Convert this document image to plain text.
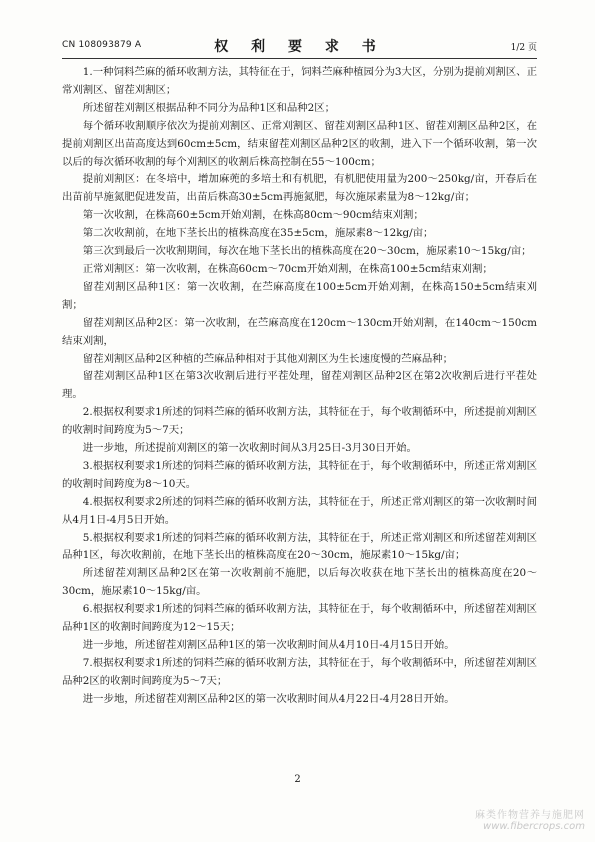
CN 108093879 A	权 利 要 求 书	1/2 页

1.一种饲料苎麻的循环收割方法，其特征在于，饲料苎麻种植园分为3大区，分别为提前刈割区、正常刈割区、留茬刈割区；

所述留茬刈割区根据品种不同分为品种1区和品种2区；

每个循环收割顺序依次为提前刈割区、正常刈割区、留茬刈割区品种1区、留茬刈割区品种2区，在提前刈割区出苗高度达到60cm±5cm，结束留茬刈割区品种2区的收割，进入下一个循环收割，第一次以后的每次循环收割的每个刈割区的收割后株高控制在55～100cm；

提前刈割区：在冬培中，增加麻蔸的多培土和有机肥，有机肥使用量为200～250kg/亩，开春后在出苗前早施氮肥促进发苗，出苗后株高30±5cm再施氮肥，每次施尿素量为8～12kg/亩；

第一次收割，在株高60±5cm开始刈割，在株高80cm～90cm结束刈割；

第二次收割前，在地下茎长出的植株高度在35±5cm，施尿素8～12kg/亩；

第三次到最后一次收割期间，每次在地下茎长出的植株高度在20～30cm，施尿素10～15kg/亩；

正常刈割区：第一次收割，在株高60cm～70cm开始刈割，在株高100±5cm结束刈割；

留茬刈割区品种1区：第一次收割，在苎麻高度在100±5cm开始刈割，在株高150±5cm结束刈割；

留茬刈割区品种2区：第一次收割，在苎麻高度在120cm～130cm开始刈割，在140cm～150cm结束刈割，

留茬刈割区品种2区种植的苎麻品种相对于其他刈割区为生长速度慢的苎麻品种；

留茬刈割区品种1区在第3次收割后进行平茬处理，留茬刈割区品种2区在第2次收割后进行平茬处理。

2.根据权利要求1所述的饲料苎麻的循环收割方法，其特征在于，每个收割循环中，所述提前刈割区的收割时间跨度为5～7天；

进一步地，所述提前刈割区的第一次收割时间从3月25日-3月30日开始。

3.根据权利要求1所述的饲料苎麻的循环收割方法，其特征在于，每个收割循环中，所述正常刈割区的收割时间跨度为8～10天。

4.根据权利要求2所述的饲料苎麻的循环收割方法，其特征在于，所述正常刈割区的第一次收割时间从4月1日-4月5日开始。

5.根据权利要求1所述的饲料苎麻的循环收割方法，其特征在于，所述正常刈割区和所述留茬刈割区品种1区，每次收割前，在地下茎长出的植株高度在20～30cm，施尿素10～15kg/亩；

所述留茬刈割区品种2区在第一次收割前不施肥，以后每次收获在地下茎长出的植株高度在20～30cm，施尿素10～15kg/亩。

6.根据权利要求1所述的饲料苎麻的循环收割方法，其特征在于，每个收割循环中，所述留茬刈割区品种1区的收割时间跨度为12～15天；

进一步地，所述留茬刈割区品种1区的第一次收割时间从4月10日-4月15日开始。

7.根据权利要求1所述的饲料苎麻的循环收割方法，其特征在于，每个收割循环中，所述留茬刈割区品种2区的收割时间跨度为5～7天；

进一步地，所述留茬刈割区品种2区的第一次收割时间从4月22日-4月28日开始。

2
麻类作物营养与施肥网
www.fibercrops.com
